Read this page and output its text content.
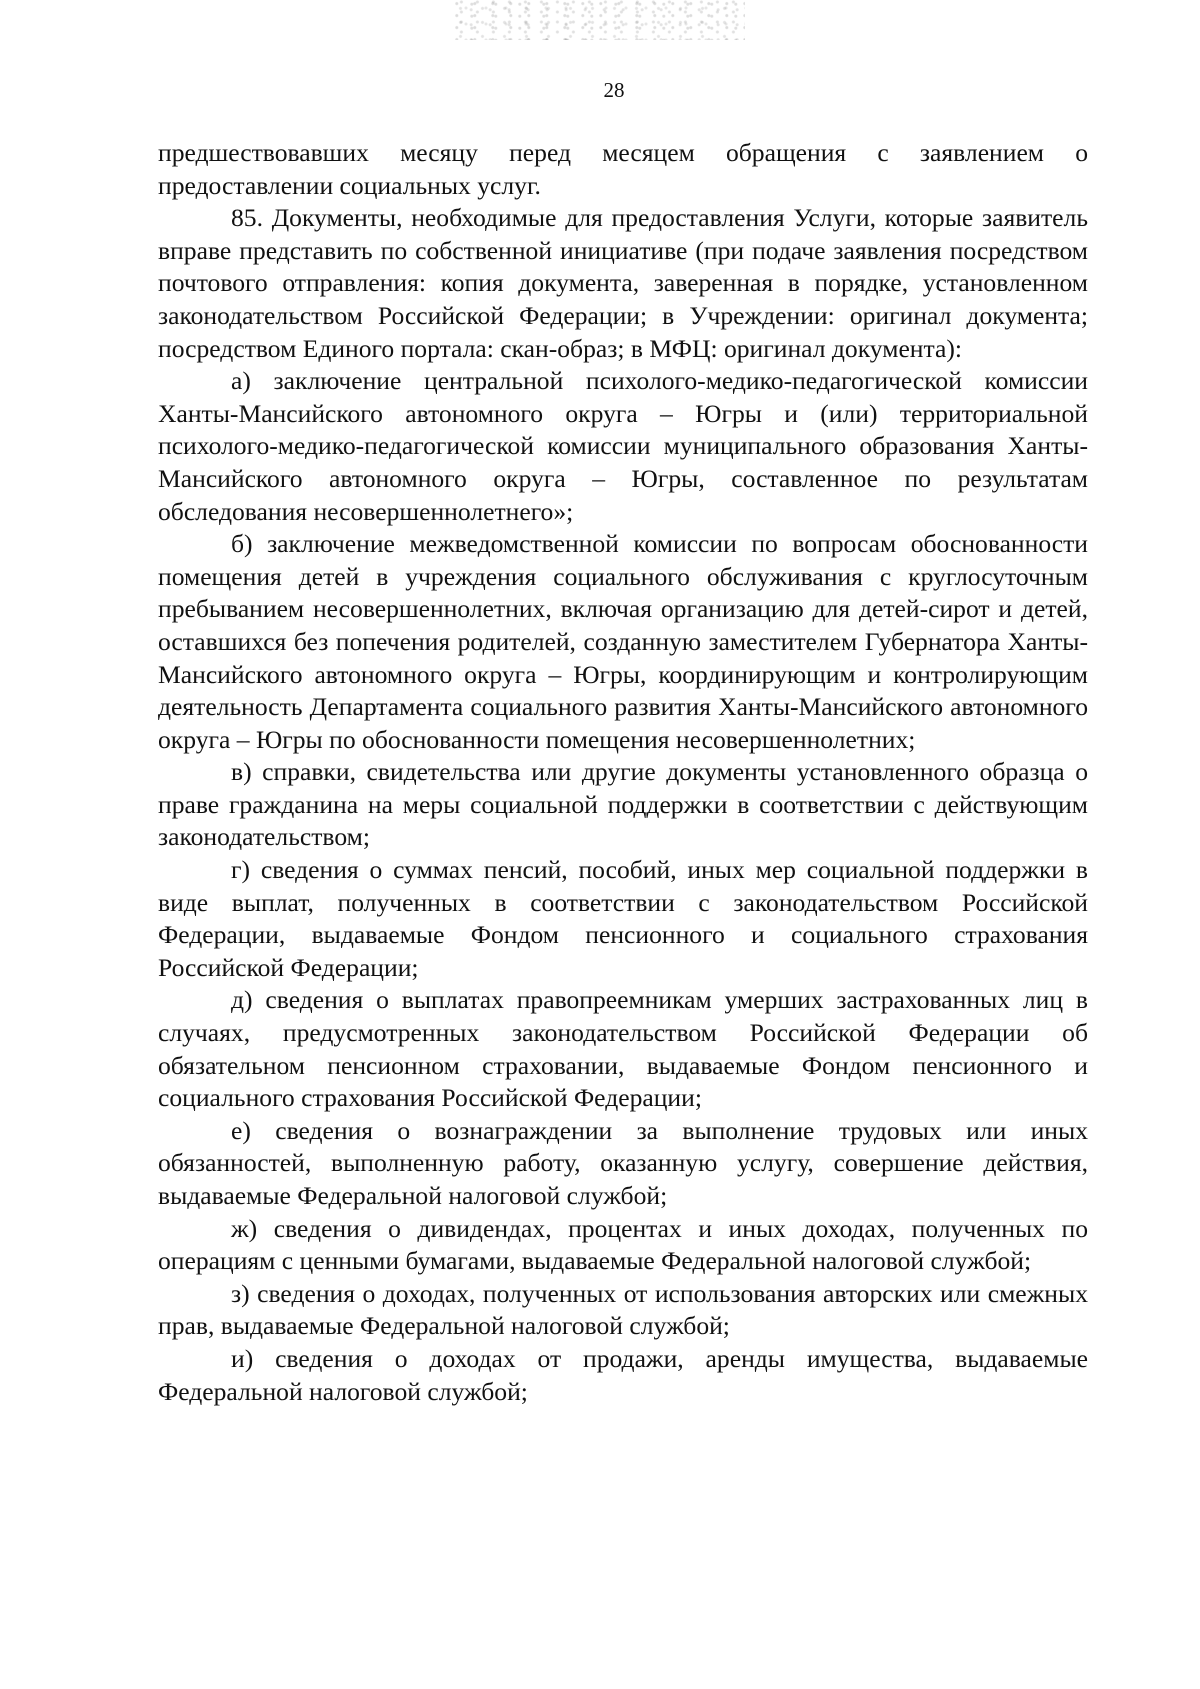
28

предшествовавших месяцу перед месяцем обращения с заявлением о предоставлении социальных услуг.

85. Документы, необходимые для предоставления Услуги, которые заявитель вправе представить по собственной инициативе (при подаче заявления посредством почтового отправления: копия документа, заверенная в порядке, установленном законодательством Российской Федерации; в Учреждении: оригинал документа; посредством Единого портала: скан-образ; в МФЦ: оригинал документа):

а) заключение центральной психолого-медико-педагогической комиссии Ханты-Мансийского автономного округа – Югры и (или) территориальной психолого-медико-педагогической комиссии муниципального образования Ханты-Мансийского автономного округа – Югры, составленное по результатам обследования несовершеннолетнего»;

б) заключение межведомственной комиссии по вопросам обоснованности помещения детей в учреждения социального обслуживания с круглосуточным пребыванием несовершеннолетних, включая организацию для детей-сирот и детей, оставшихся без попечения родителей, созданную заместителем Губернатора Ханты-Мансийского автономного округа – Югры, координирующим и контролирующим деятельность Департамента социального развития Ханты-Мансийского автономного округа – Югры по обоснованности помещения несовершеннолетних;

в) справки, свидетельства или другие документы установленного образца о праве гражданина на меры социальной поддержки в соответствии с действующим законодательством;

г) сведения о суммах пенсий, пособий, иных мер социальной поддержки в виде выплат, полученных в соответствии с законодательством Российской Федерации, выдаваемые Фондом пенсионного и социального страхования Российской Федерации;

д) сведения о выплатах правопреемникам умерших застрахованных лиц в случаях, предусмотренных законодательством Российской Федерации об обязательном пенсионном страховании, выдаваемые Фондом пенсионного и социального страхования Российской Федерации;

е) сведения о вознаграждении за выполнение трудовых или иных обязанностей, выполненную работу, оказанную услугу, совершение действия, выдаваемые Федеральной налоговой службой;

ж) сведения о дивидендах, процентах и иных доходах, полученных по операциям с ценными бумагами, выдаваемые Федеральной налоговой службой;

з) сведения о доходах, полученных от использования авторских или смежных прав, выдаваемые Федеральной налоговой службой;

и) сведения о доходах от продажи, аренды имущества, выдаваемые Федеральной налоговой службой;
